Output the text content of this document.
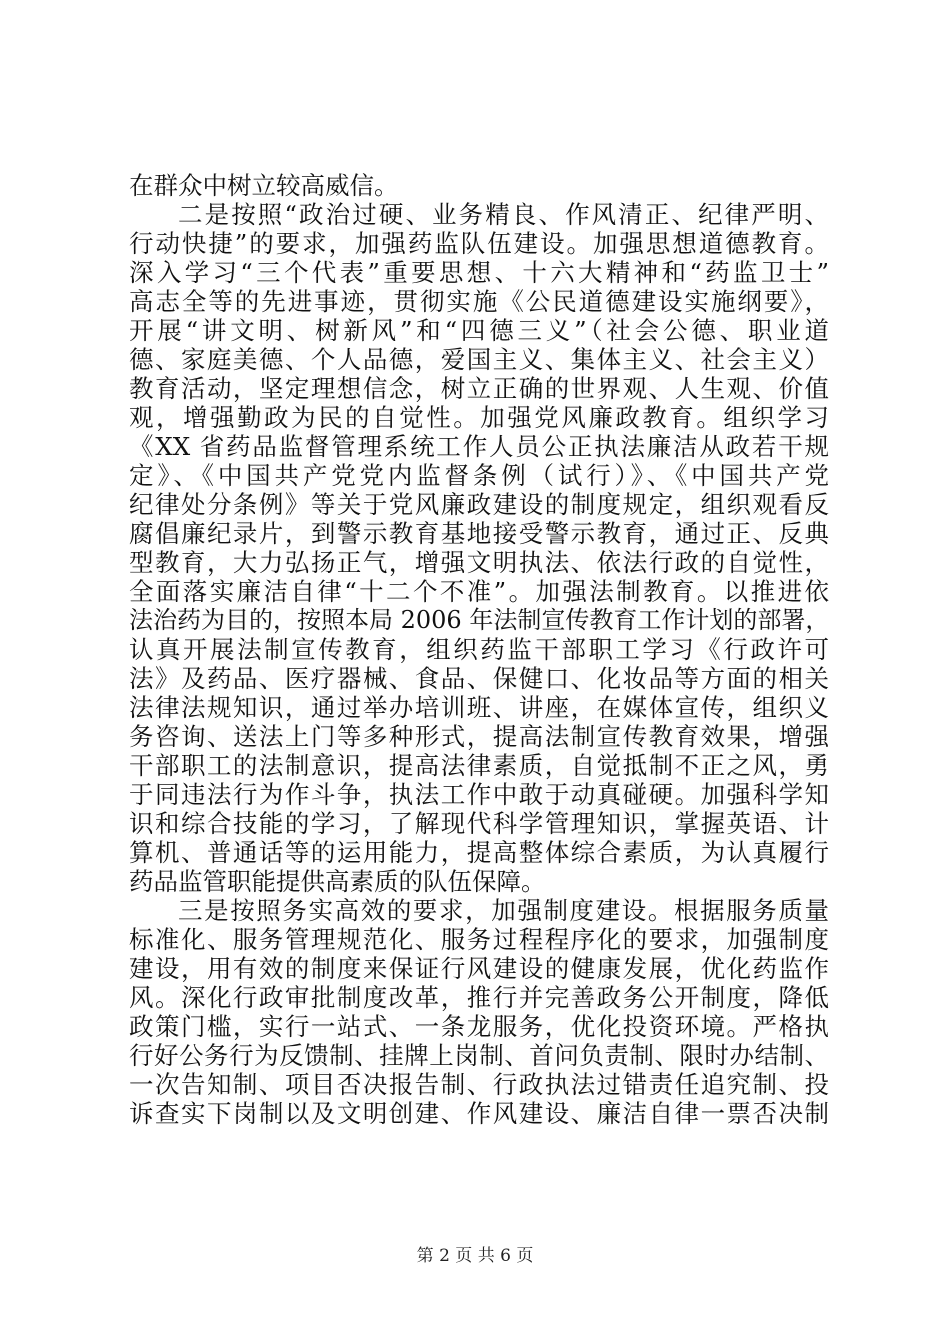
在群众中树立较高威信。
二是按照“政治过硬、业务精良、作风清正、纪律严明、
行动快捷”的要求，加强药监队伍建设。加强思想道德教育。
深入学习“三个代表”重要思想、十六大精神和“药监卫士”
高志全等的先进事迹，贯彻实施《公民道德建设实施纲要》，
开展“讲文明、树新风”和“四德三义”（社会公德、职业道
德、家庭美德、个人品德，爱国主义、集体主义、社会主义）
教育活动，坚定理想信念，树立正确的世界观、人生观、价值
观，增强勤政为民的自觉性。加强党风廉政教育。组织学习
《XX 省药品监督管理系统工作人员公正执法廉洁从政若干规
定》、《中国共产党党内监督条例（试行）》、《中国共产党
纪律处分条例》等关于党风廉政建设的制度规定，组织观看反
腐倡廉纪录片，到警示教育基地接受警示教育，通过正、反典
型教育，大力弘扬正气，增强文明执法、依法行政的自觉性，
全面落实廉洁自律“十二个不准”。加强法制教育。以推进依
法治药为目的，按照本局 2006 年法制宣传教育工作计划的部署，
认真开展法制宣传教育，组织药监干部职工学习《行政许可
法》及药品、医疗器械、食品、保健口、化妆品等方面的相关
法律法规知识，通过举办培训班、讲座，在媒体宣传，组织义
务咨询、送法上门等多种形式，提高法制宣传教育效果，增强
干部职工的法制意识，提高法律素质，自觉抵制不正之风，勇
于同违法行为作斗争，执法工作中敢于动真碰硬。加强科学知
识和综合技能的学习，了解现代科学管理知识，掌握英语、计
算机、普通话等的运用能力，提高整体综合素质，为认真履行
药品监管职能提供高素质的队伍保障。
三是按照务实高效的要求，加强制度建设。根据服务质量
标准化、服务管理规范化、服务过程程序化的要求，加强制度
建设，用有效的制度来保证行风建设的健康发展，优化药监作
风。深化行政审批制度改革，推行并完善政务公开制度，降低
政策门槛，实行一站式、一条龙服务，优化投资环境。严格执
行好公务行为反馈制、挂牌上岗制、首问负责制、限时办结制、
一次告知制、项目否决报告制、行政执法过错责任追究制、投
诉查实下岗制以及文明创建、作风建设、廉洁自律一票否决制
第 2 页 共 6 页
